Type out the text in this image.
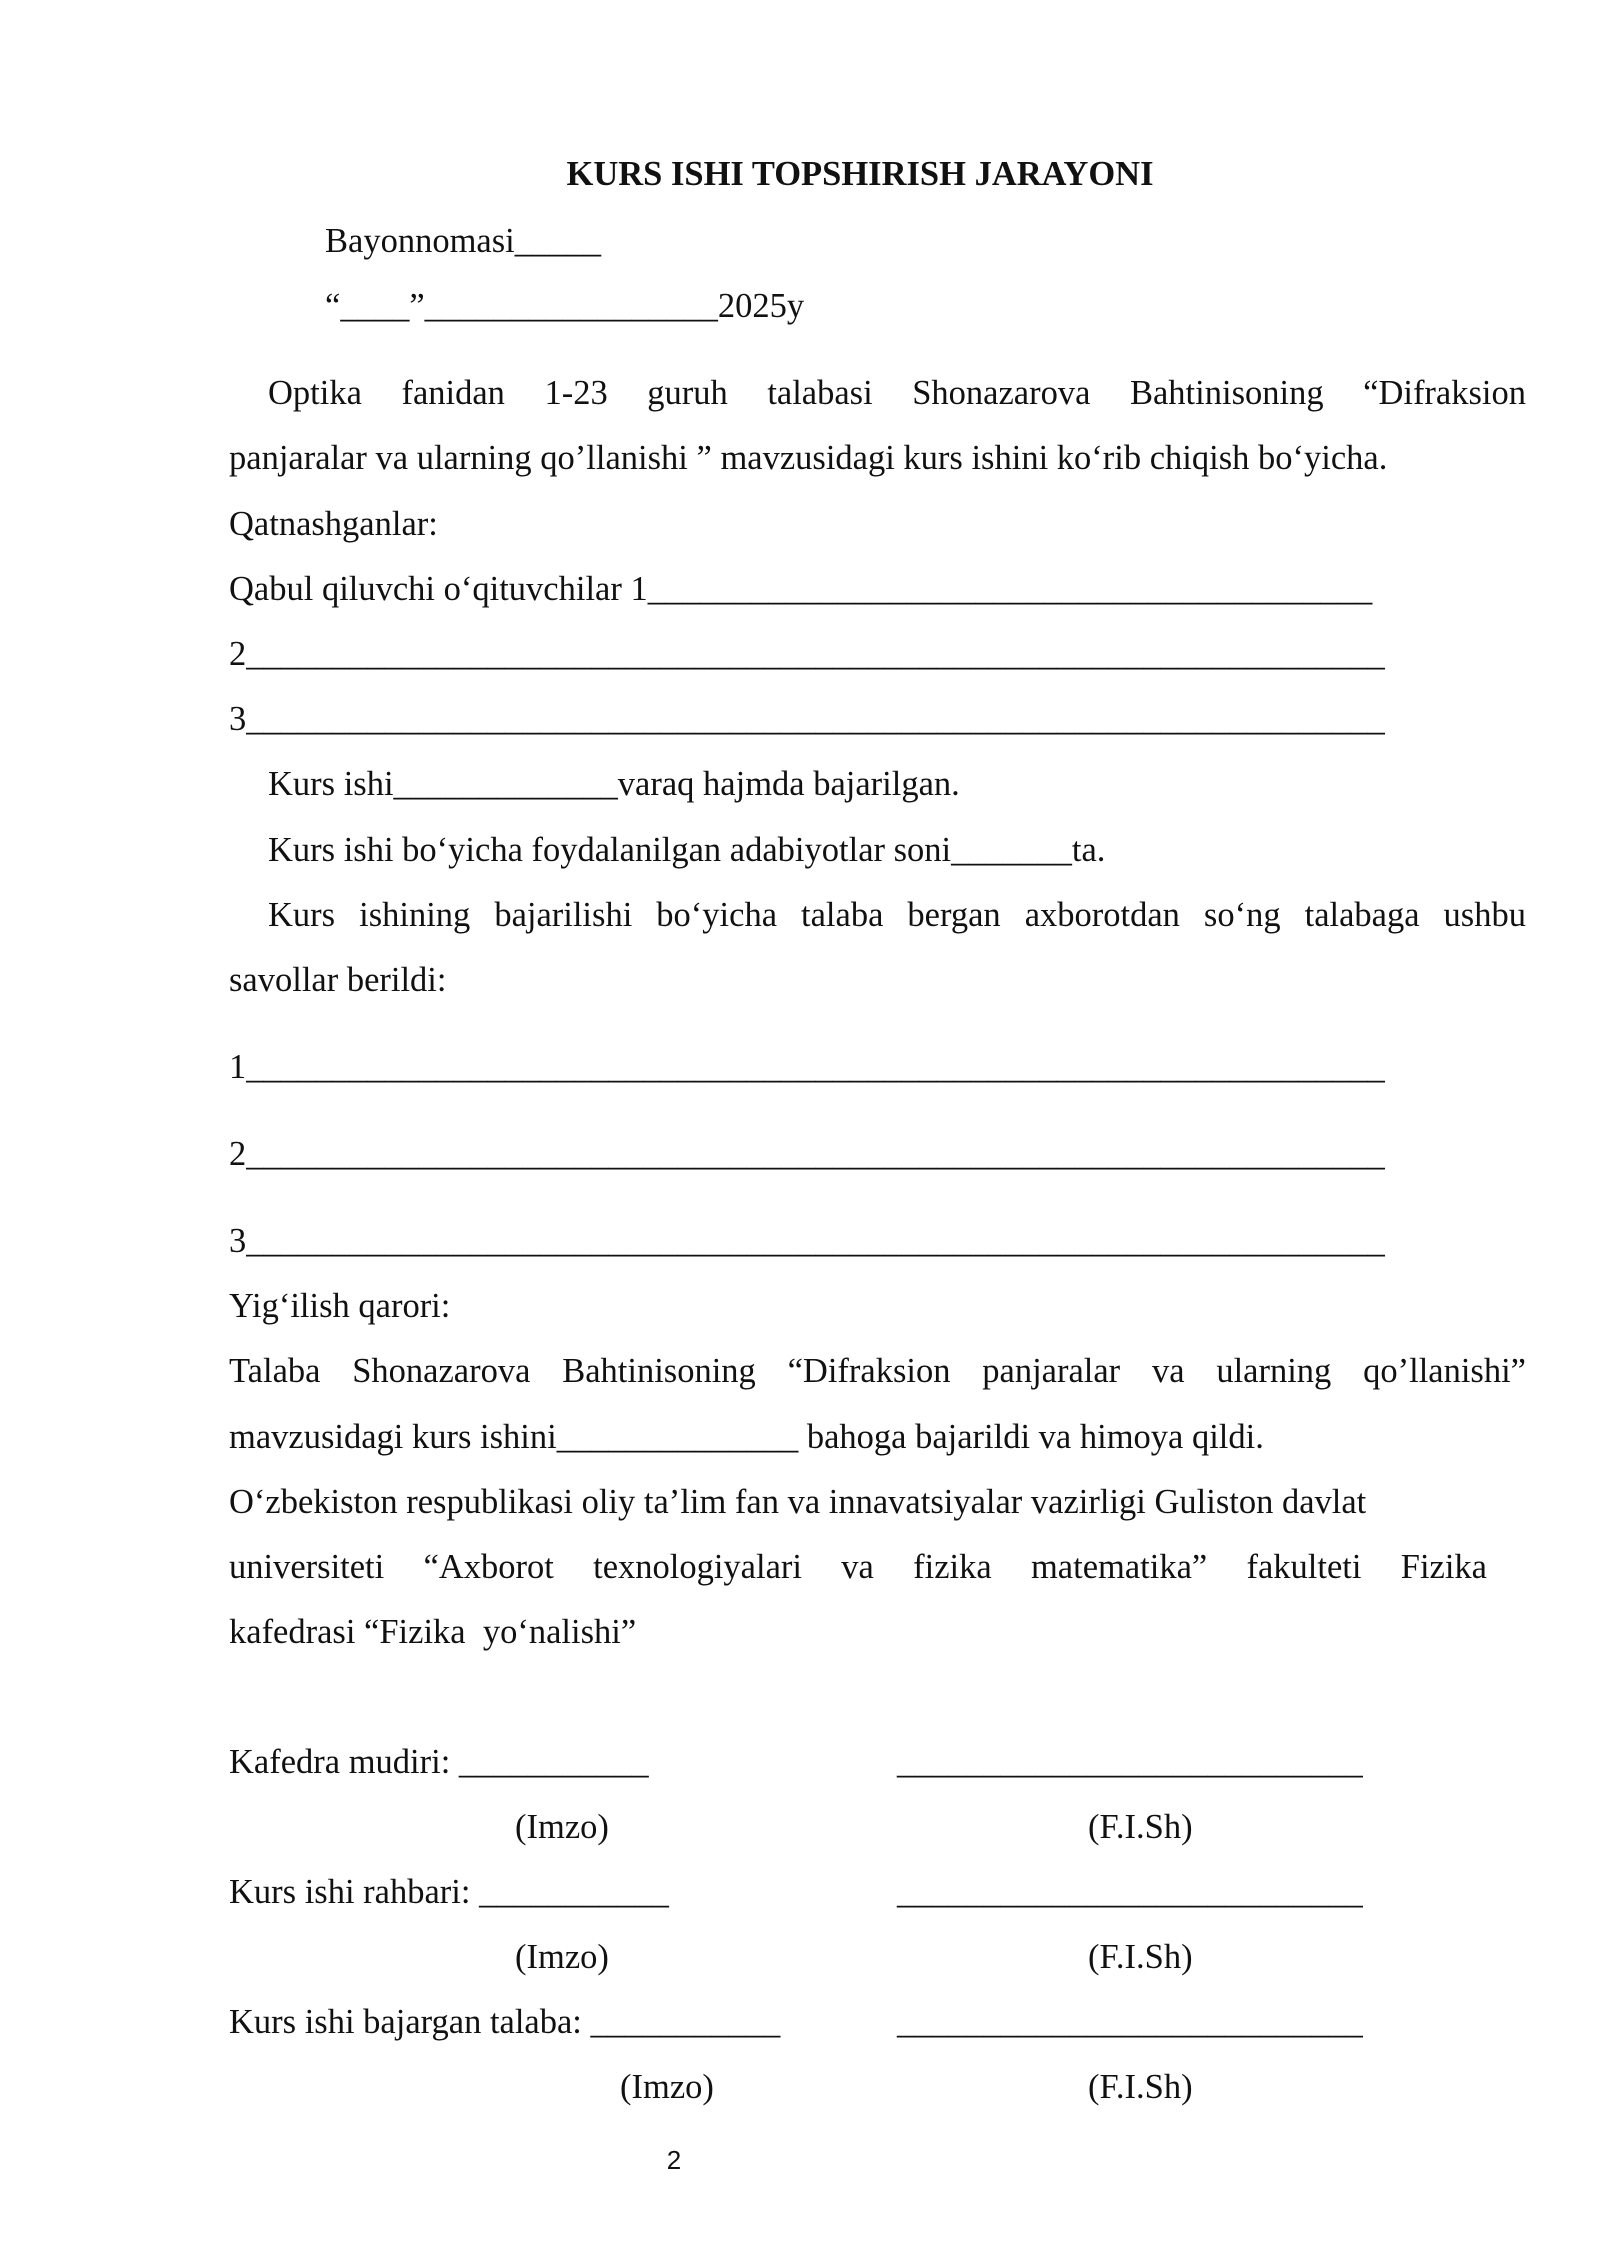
KURS ISHI TOPSHIRISH JARAYONI

Bayonnomasi_____

“____”_________________2025y

Optika fanidan 1-23 guruh talabasi Shonazarova Bahtinisoning “Difraksion

panjaralar va ularning qo’llanishi ” mavzusidagi kurs ishini koʻrib chiqish boʻyicha.

Qatnashganlar:

Qabul qiluvchi oʻqituvchilar 1__________________________________________

2__________________________________________________________________

3__________________________________________________________________

Kurs ishi_____________varaq hajmda bajarilgan.

Kurs ishi boʻyicha foydalanilgan adabiyotlar soni_______ta.

Kurs ishining bajarilishi boʻyicha talaba bergan axborotdan soʻng talabaga ushbu

savollar berildi:

1__________________________________________________________________

2__________________________________________________________________

3__________________________________________________________________

Yigʻilish qarori:

Talaba Shonazarova Bahtinisoning “Difraksion panjaralar va ularning qo’llanishi”

mavzusidagi kurs ishini______________ bahoga bajarildi va himoya qildi.

Oʻzbekiston respublikasi oliy ta’lim fan va innavatsiyalar vazirligi Guliston davlat

universiteti “Axborot texnologiyalari va fizika matematika” fakulteti Fizika

kafedrasi “Fizika  yoʻnalishi”

Kafedra mudiri: ___________	___________________________
(Imzo)	(F.I.Sh)
Kurs ishi rahbari: ___________	___________________________
(Imzo)	(F.I.Sh)
Kurs ishi bajargan talaba: ___________	___________________________
(Imzo)	(F.I.Sh)
2
